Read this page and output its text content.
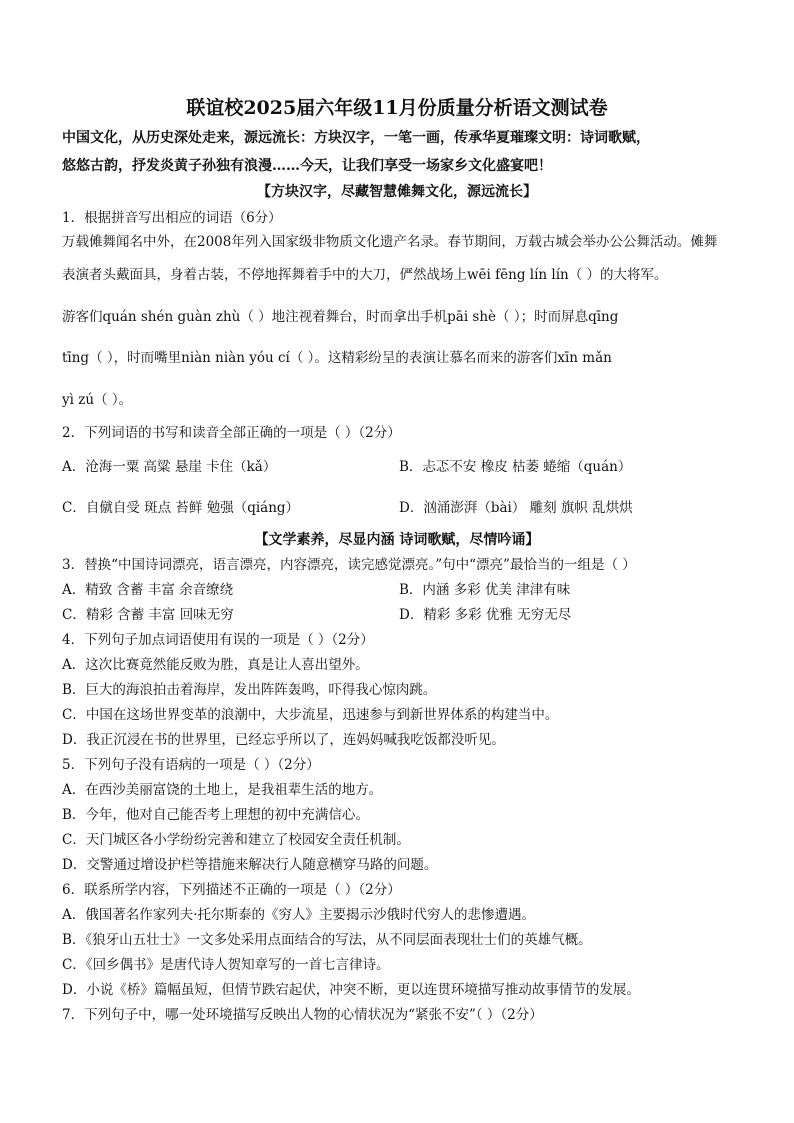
联谊校2025届六年级11月份质量分析语文测试卷
中国文化，从历史深处走来，源远流长：方块汉字，一笔一画，传承华夏璀璨文明：诗词歌赋，
悠悠古韵，抒发炎黄子孙独有浪漫……今天，让我们享受一场家乡文化盛宴吧！
【方块汉字，尽藏智慧傩舞文化，源远流长】
1．根据拼音写出相应的词语（6分）
万载傩舞闻名中外，在2008年列入国家级非物质文化遗产名录。春节期间，万载古城会举办公公舞活动。傩舞
表演者头戴面具，身着古装，不停地挥舞着手中的大刀，俨然战场上wēi fēng lín lín（ ）的大将军。
游客们quán shén guàn zhù（ ）地注视着舞台，时而拿出手机pāi shè（ ）；时而屏息qīng
tīng（ ），时而嘴里niàn niàn yóu cí（ ）。这精彩纷呈的表演让慕名而来的游客们xīn mǎn
yì zú（ ）。
2．下列词语的书写和读音全部正确的一项是（ ）（2分）
A．沧海一粟 高粱 悬崖 卡住（kǎ）	B．忐忑不安 橡皮 枯萎 蜷缩（quán）
C．自僦自受 斑点 苔鲜 勉强（qiáng）	D．汹涌澎湃（bài） 雕刻 旗帜 乱烘烘
【文学素养，尽显内涵 诗词歌赋，尽情吟诵】
3．替换“中国诗词漂亮，语言漂亮，内容漂亮，读完感觉漂亮。”句中“漂亮”最恰当的一组是（ ）
A．精致 含蓄 丰富 余音缭绕	B．内涵 多彩 优美 津津有味
C．精彩 含蓄 丰富 回味无穷	D．精彩 多彩 优雅 无穷无尽
4．下列句子加点词语使用有误的一项是（ ）（2分）
A．这次比赛竟然能反败为胜，真是让人喜出望外。
B．巨大的海浪拍击着海岸，发出阵阵轰鸣，吓得我心惊肉跳。
C．中国在这场世界变革的浪潮中，大步流星，迅速参与到新世界体系的构建当中。
D．我正沉浸在书的世界里，已经忘乎所以了，连妈妈喊我吃饭都没听见。
5．下列句子没有语病的一项是（ ）（2分）
A．在西沙美丽富饶的土地上，是我祖辈生活的地方。
B．今年，他对自己能否考上理想的初中充满信心。
C．天门城区各小学纷纷完善和建立了校园安全责任机制。
D．交警通过增设护栏等措施来解决行人随意横穿马路的问题。
6．联系所学内容，下列描述不正确的一项是（ ）（2分）
A．俄国著名作家列夫·托尔斯泰的《穷人》主要揭示沙俄时代穷人的悲惨遭遇。
B．《狼牙山五壮士》一文多处采用点面结合的写法，从不同层面表现壮士们的英雄气概。
C．《回乡偶书》是唐代诗人贺知章写的一首七言律诗。
D．小说《桥》篇幅虽短，但情节跌宕起伏，冲突不断，更以连贯环境描写推动故事情节的发展。
7．下列句子中，哪一处环境描写反映出人物的心情状况为“紧张不安”（ ）（2分）
